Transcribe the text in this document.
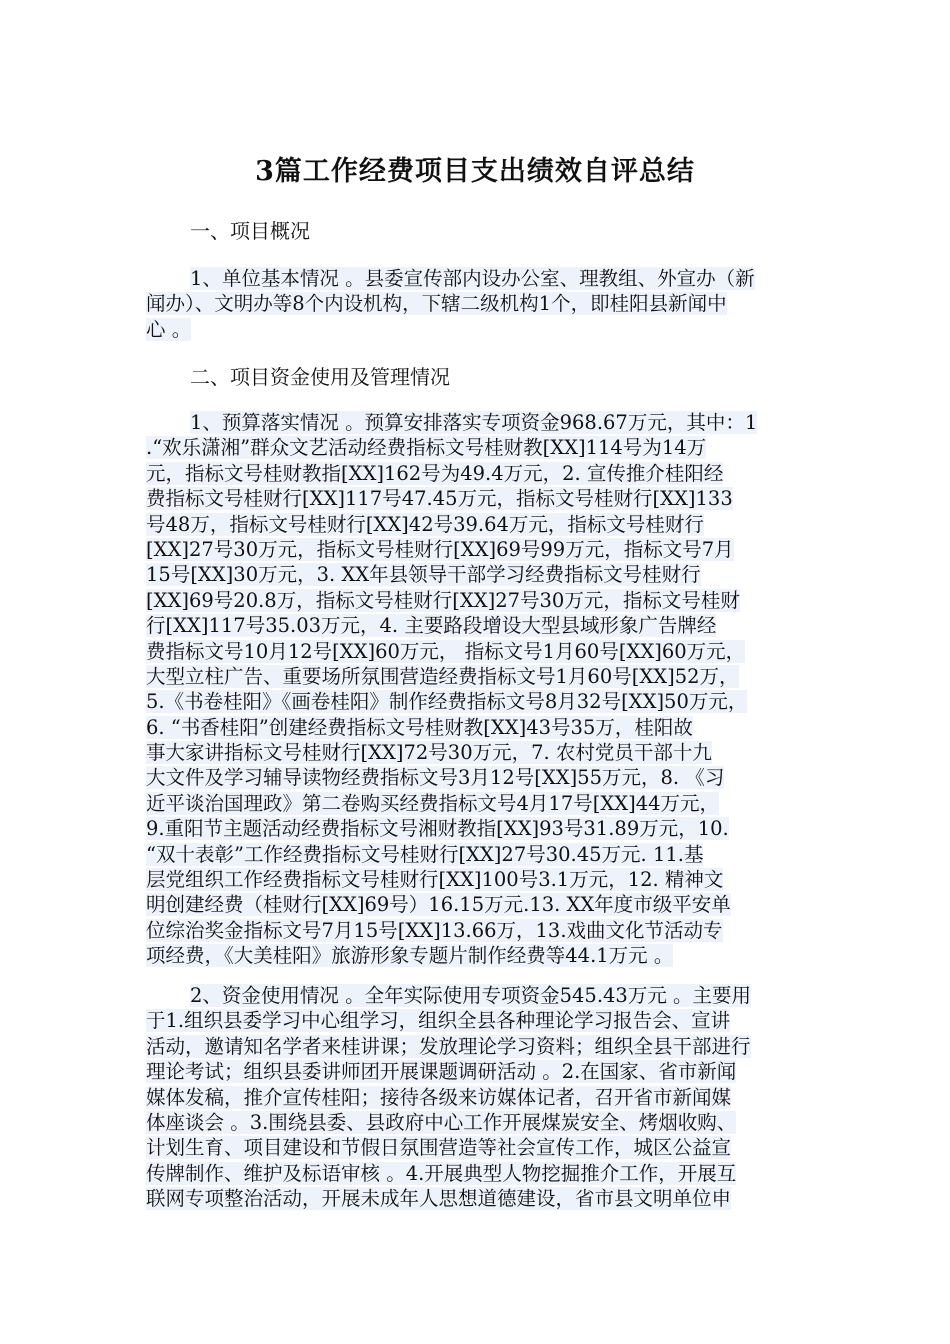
3篇工作经费项目支出绩效自评总结
一、项目概况
1、单位基本情况 。县委宣传部内设办公室、理教组、外宣办（新
闻办）、文明办等8个内设机构，下辖二级机构1个，即桂阳县新闻中
心 。
二、项目资金使用及管理情况
1、预算落实情况 。预算安排落实专项资金968.67万元，其中：1
.“欢乐潇湘”群众文艺活动经费指标文号桂财教[XX]114号为14万
元，指标文号桂财教指[XX]162号为49.4万元，2. 宣传推介桂阳经
费指标文号桂财行[XX]117号47.45万元，指标文号桂财行[XX]133
号48万，指标文号桂财行[XX]42号39.64万元，指标文号桂财行
[XX]27号30万元，指标文号桂财行[XX]69号99万元，指标文号7月
15号[XX]30万元，3. XX年县领导干部学习经费指标文号桂财行
[XX]69号20.8万，指标文号桂财行[XX]27号30万元，指标文号桂财
行[XX]117号35.03万元，4. 主要路段增设大型县域形象广告牌经
费指标文号10月12号[XX]60万元， 指标文号1月60号[XX]60万元，
大型立柱广告、重要场所氛围营造经费指标文号1月60号[XX]52万，
5.《书卷桂阳》《画卷桂阳》制作经费指标文号8月32号[XX]50万元，
6. “书香桂阳”创建经费指标文号桂财教[XX]43号35万，桂阳故
事大家讲指标文号桂财行[XX]72号30万元，7. 农村党员干部十九
大文件及学习辅导读物经费指标文号3月12号[XX]55万元，8. 《习
近平谈治国理政》第二卷购买经费指标文号4月17号[XX]44万元，
9.重阳节主题活动经费指标文号湘财教指[XX]93号31.89万元，10.
“双十表彰”工作经费指标文号桂财行[XX]27号30.45万元. 11.基
层党组织工作经费指标文号桂财行[XX]100号3.1万元，12. 精神文
明创建经费（桂财行[XX]69号）16.15万元.13. XX年度市级平安单
位综治奖金指标文号7月15号[XX]13.66万，13.戏曲文化节活动专
项经费，《大美桂阳》旅游形象专题片制作经费等44.1万元 。
2、资金使用情况 。全年实际使用专项资金545.43万元 。主要用
于1.组织县委学习中心组学习，组织全县各种理论学习报告会、宣讲
活动，邀请知名学者来桂讲课；发放理论学习资料；组织全县干部进行
理论考试；组织县委讲师团开展课题调研活动 。2.在国家、省市新闻
媒体发稿，推介宣传桂阳；接待各级来访媒体记者，召开省市新闻媒
体座谈会 。3.围绕县委、县政府中心工作开展煤炭安全、烤烟收购、
计划生育、项目建设和节假日氛围营造等社会宣传工作，城区公益宣
传牌制作、维护及标语审核 。4.开展典型人物挖掘推介工作，开展互
联网专项整治活动，开展未成年人思想道德建设，省市县文明单位申
